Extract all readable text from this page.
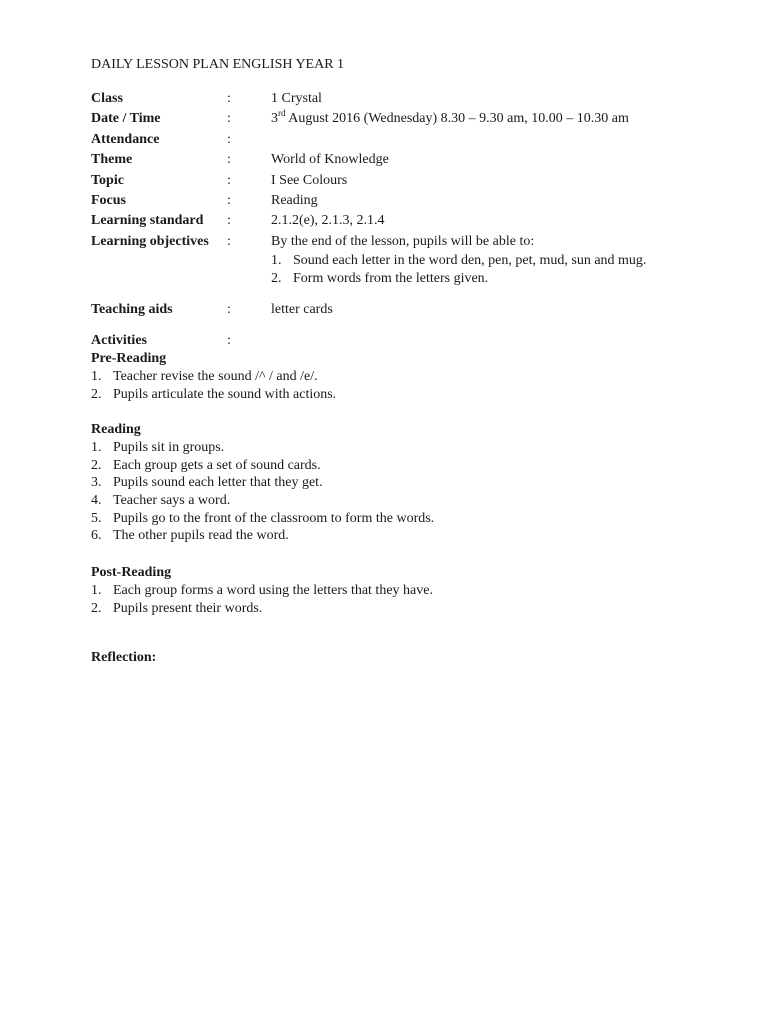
DAILY LESSON PLAN ENGLISH YEAR 1
Class	:	1 Crystal
Date / Time	:	3rd August 2016 (Wednesday) 8.30 – 9.30 am, 10.00 – 10.30 am
Attendance	:
Theme	:	World of Knowledge
Topic	:	I See Colours
Focus	:	Reading
Learning standard :	2.1.2(e), 2.1.3, 2.1.4
Learning objectives :	By the end of the lesson, pupils will be able to:
1. Sound each letter in the word den, pen, pet, mud, sun and mug.
2. Form words from the letters given.
Teaching aids	:	letter cards
Activities	:
Pre-Reading
1. Teacher revise the sound /^ / and /e/.
2. Pupils articulate the sound with actions.
Reading
1. Pupils sit in groups.
2. Each group gets a set of sound cards.
3. Pupils sound each letter that they get.
4. Teacher says a word.
5. Pupils go to the front of the classroom to form the words.
6. The other pupils read the word.
Post-Reading
1. Each group forms a word using the letters that they have.
2. Pupils present their words.
Reflection:
